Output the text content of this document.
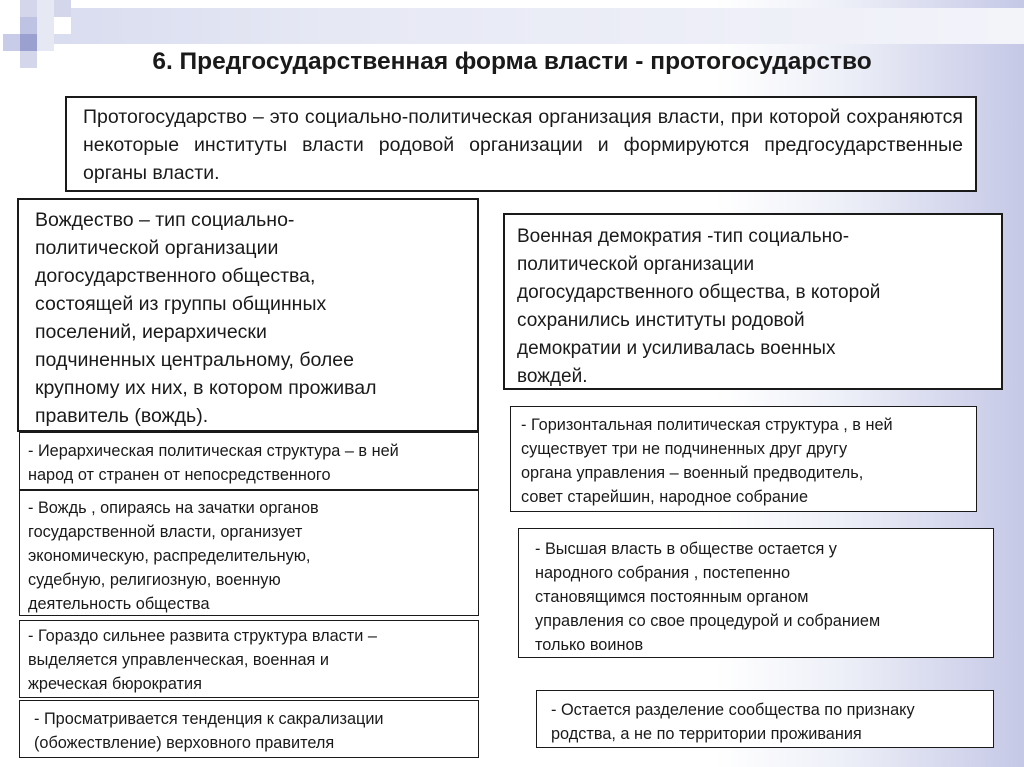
6. Предгосударственная форма власти - протогосударство
Протогосударство – это социально-политическая организация власти, при которой сохраняются некоторые институты власти родовой организации и формируются предгосударственные органы власти.
Вождество – тип социально-
политической организации
догосударственного общества,
состоящей из группы общинных
поселений, иерархически
подчиненных центральному, более
крупному их них, в котором проживал
правитель (вождь).
- Иерархическая политическая структура – в ней
народ от странен от непосредственного
- Вождь , опираясь на зачатки органов
государственной власти, организует
экономическую, распределительную,
судебную, религиозную, военную
деятельность общества
- Гораздо сильнее развита структура власти –
выделяется управленческая, военная и
жреческая бюрократия
- Просматривается тенденция к сакрализации
(обожествление) верховного правителя
Военная демократия -тип социально-
политической организации
догосударственного общества, в которой
сохранились институты родовой
демократии и усиливалась военных
вождей.
- Горизонтальная политическая структура , в ней
существует три не подчиненных друг другу
органа управления – военный предводитель,
совет старейшин, народное собрание
- Высшая власть в обществе остается у
народного собрания , постепенно
становящимся постоянным органом
управления со свое процедурой и собранием
только воинов
- Остается разделение сообщества по признаку
родства, а не по территории проживания
